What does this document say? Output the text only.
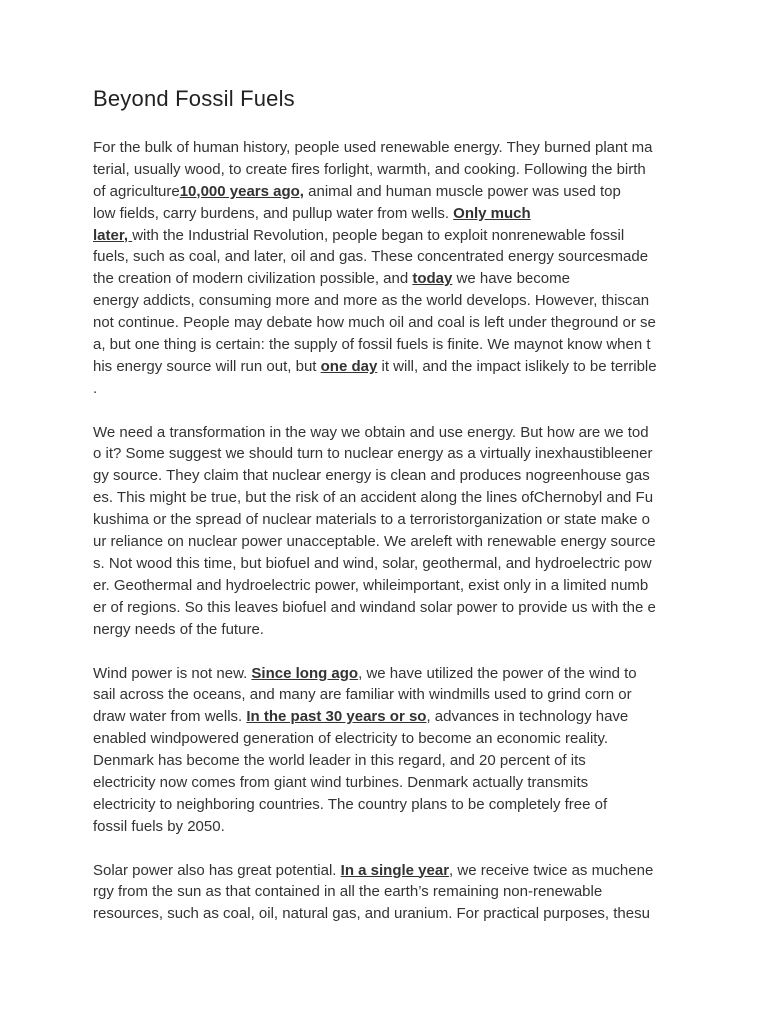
Beyond Fossil Fuels
For the bulk of human history, people used renewable energy. They burned plant ma
terial, usually wood, to create fires forlight, warmth, and cooking. Following the birth
of agriculture10,000 years ago, animal and human muscle power was used top
low fields, carry burdens, and pullup water from wells. Only much
later, with the Industrial Revolution, people began to exploit nonrenewable fossil
fuels, such as coal, and later, oil and gas. These concentrated energy sourcesmade
the creation of modern civilization possible, and today we have become
energy addicts, consuming more and more as the world develops. However, thiscan
not continue. People may debate how much oil and coal is left under theground or se
a, but one thing is certain: the supply of fossil fuels is finite. We maynot know when t
his energy source will run out, but one day it will, and the impact islikely to be terrible
.
We need a transformation in the way we obtain and use energy. But how are we tod
o it? Some suggest we should turn to nuclear energy as a virtually inexhaustibleener
gy source. They claim that nuclear energy is clean and produces nogreenhouse gas
es. This might be true, but the risk of an accident along the lines ofChernobyl and Fu
kushima or the spread of nuclear materials to a terroristorganization or state make o
ur reliance on nuclear power unacceptable. We areleft with renewable energy source
s. Not wood this time, but biofuel and wind, solar, geothermal, and hydroelectric pow
er. Geothermal and hydroelectric power, whileimportant, exist only in a limited numb
er of regions. So this leaves biofuel and windand solar power to provide us with the e
nergy needs of the future.
Wind power is not new. Since long ago, we have utilized the power of the wind to
sail across the oceans, and many are familiar with windmills used to grind corn or
draw water from wells. In the past 30 years or so, advances in technology have
enabled windpowered generation of electricity to become an economic reality.
Denmark has become the world leader in this regard, and 20 percent of its
electricity now comes from giant wind turbines. Denmark actually transmits
electricity to neighboring countries. The country plans to be completely free of
fossil fuels by 2050.
Solar power also has great potential. In a single year, we receive twice as muchene
rgy from the sun as that contained in all the earth’s remaining non-renewable
resources, such as coal, oil, natural gas, and uranium. For practical purposes, thesu
